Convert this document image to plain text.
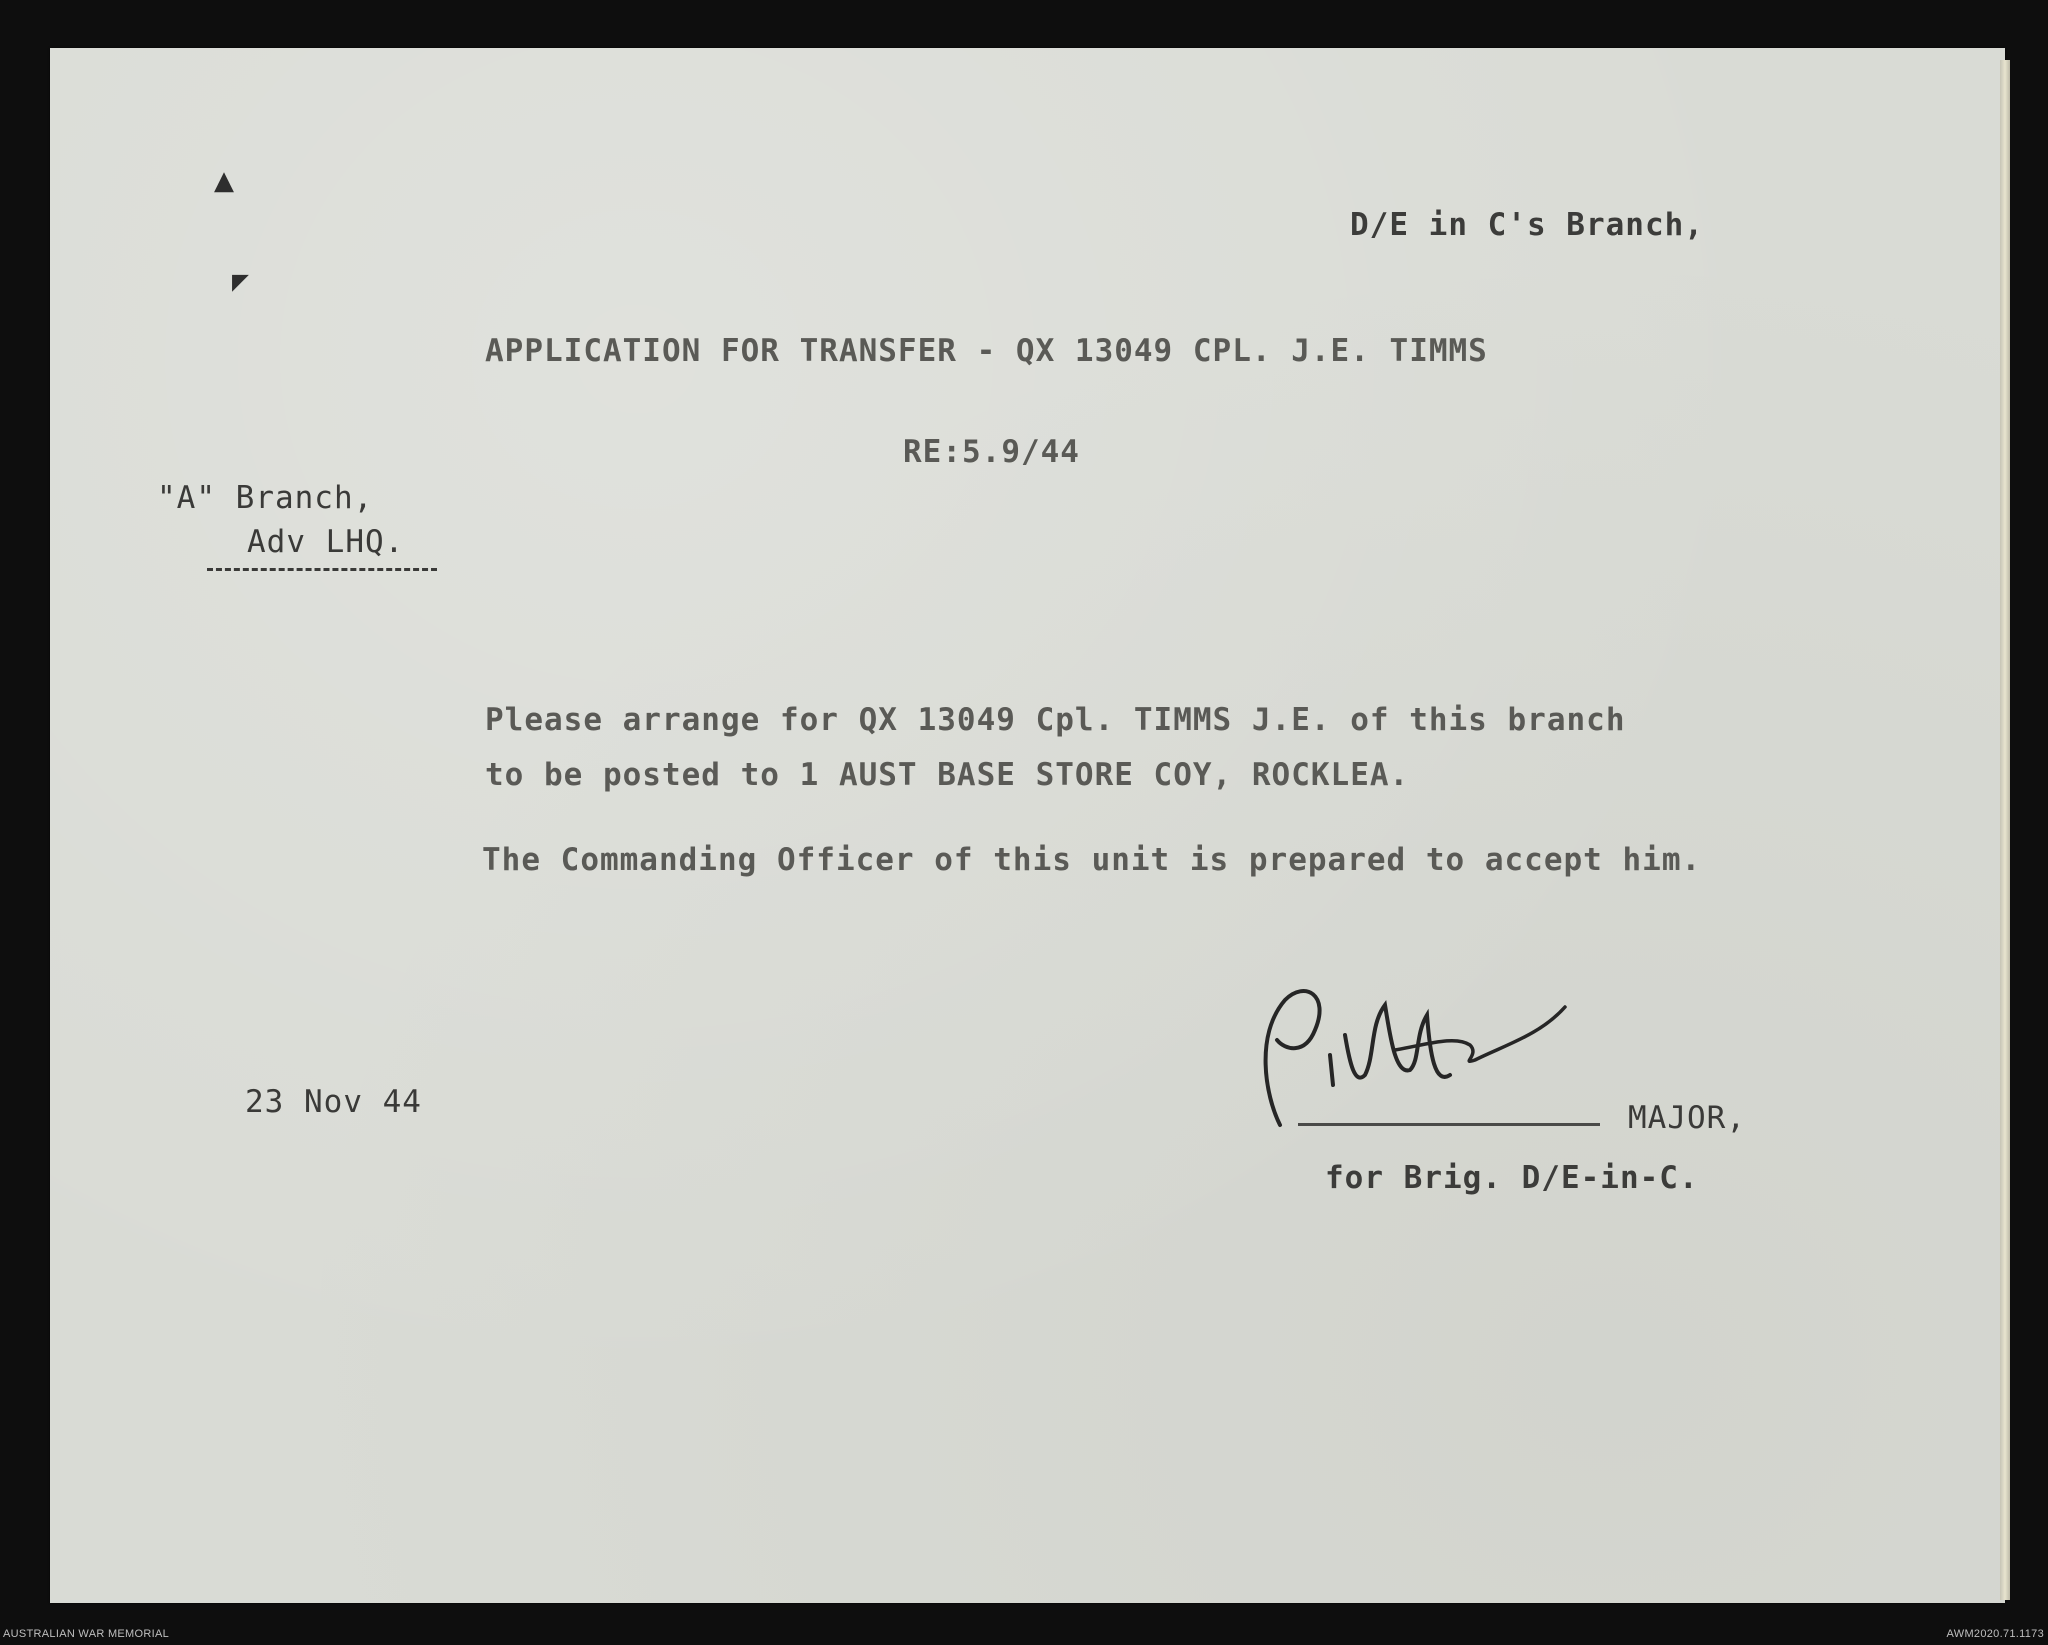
▲
◤
D/E in C's Branch,
APPLICATION FOR TRANSFER - QX 13049 CPL. J.E. TIMMS
RE:5.9/44
"A" Branch,
Adv LHQ.
Please arrange for QX 13049 Cpl. TIMMS J.E. of this branch
to be posted to 1 AUST BASE STORE COY, ROCKLEA.
The Commanding Officer of this unit is prepared to accept him.
23 Nov 44	MAJOR,
for Brig. D/E-in-C.
AUSTRALIAN WAR MEMORIAL	AWM2020.71.1173
